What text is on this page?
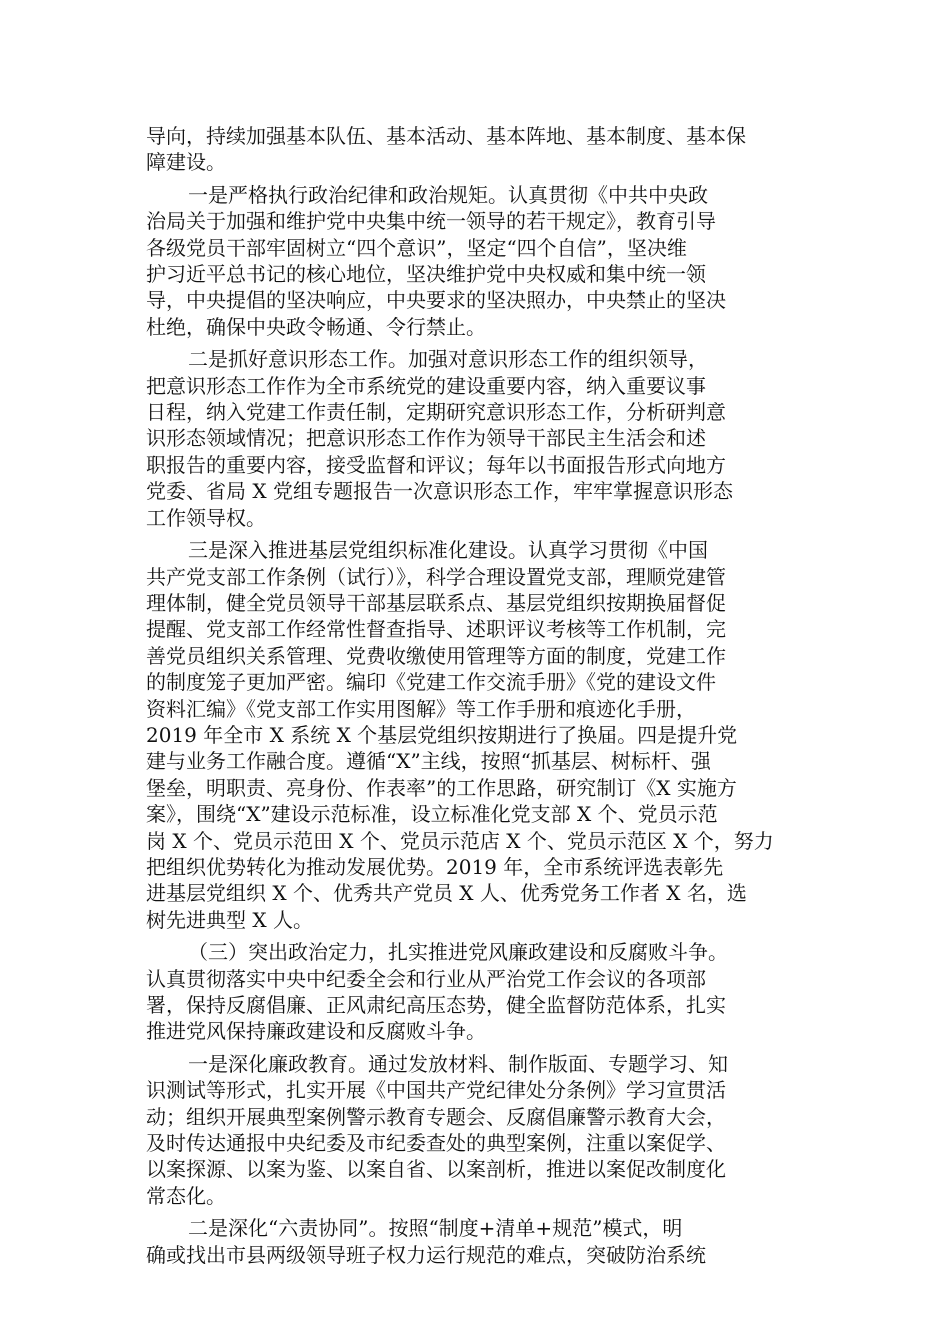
导向，持续加强基本队伍、基本活动、基本阵地、基本制度、基本保
障建设。
一是严格执行政治纪律和政治规矩。认真贯彻《中共中央政
治局关于加强和维护党中央集中统一领导的若干规定》，教育引导
各级党员干部牢固树立“四个意识”，坚定“四个自信”，坚决维
护习近平总书记的核心地位，坚决维护党中央权威和集中统一领
导，中央提倡的坚决响应，中央要求的坚决照办，中央禁止的坚决
杜绝，确保中央政令畅通、令行禁止。
二是抓好意识形态工作。加强对意识形态工作的组织领导，
把意识形态工作作为全市系统党的建设重要内容，纳入重要议事
日程，纳入党建工作责任制，定期研究意识形态工作，分析研判意
识形态领域情况；把意识形态工作作为领导干部民主生活会和述
职报告的重要内容，接受监督和评议；每年以书面报告形式向地方
党委、省局 X 党组专题报告一次意识形态工作，牢牢掌握意识形态
工作领导权。
三是深入推进基层党组织标准化建设。认真学习贯彻《中国
共产党支部工作条例（试行）》，科学合理设置党支部，理顺党建管
理体制，健全党员领导干部基层联系点、基层党组织按期换届督促
提醒、党支部工作经常性督查指导、述职评议考核等工作机制，完
善党员组织关系管理、党费收缴使用管理等方面的制度，党建工作
的制度笼子更加严密。编印《党建工作交流手册》《党的建设文件
资料汇编》《党支部工作实用图解》等工作手册和痕迹化手册，
2019 年全市 X 系统 X 个基层党组织按期进行了换届。四是提升党
建与业务工作融合度。遵循“X”主线，按照“抓基层、树标杆、强
堡垒，明职责、亮身份、作表率”的工作思路，研究制订《X 实施方
案》，围绕“X”建设示范标准，设立标准化党支部 X 个、党员示范
岗 X 个、党员示范田 X 个、党员示范店 X 个、党员示范区 X 个，努力
把组织优势转化为推动发展优势。2019 年，全市系统评选表彰先
进基层党组织 X 个、优秀共产党员 X 人、优秀党务工作者 X 名，选
树先进典型 X 人。
（三）突出政治定力，扎实推进党风廉政建设和反腐败斗争。
认真贯彻落实中央中纪委全会和行业从严治党工作会议的各项部
署，保持反腐倡廉、正风肃纪高压态势，健全监督防范体系，扎实
推进党风保持廉政建设和反腐败斗争。
一是深化廉政教育。通过发放材料、制作版面、专题学习、知
识测试等形式，扎实开展《中国共产党纪律处分条例》学习宣贯活
动；组织开展典型案例警示教育专题会、反腐倡廉警示教育大会，
及时传达通报中央纪委及市纪委查处的典型案例，注重以案促学、
以案探源、以案为鉴、以案自省、以案剖析，推进以案促改制度化
常态化。
二是深化“六责协同”。按照“制度+清单+规范”模式，明
确或找出市县两级领导班子权力运行规范的难点，突破防治系统
